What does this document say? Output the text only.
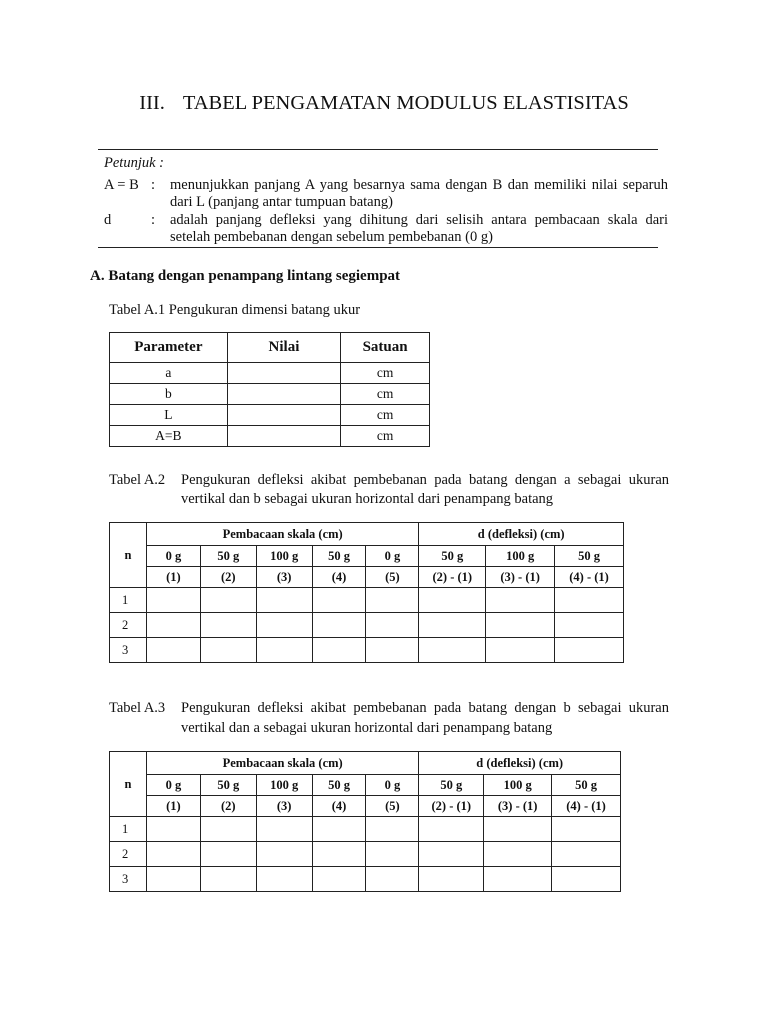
III. TABEL PENGAMATAN MODULUS ELASTISITAS
Petunjuk :
A = B : menunjukkan panjang A yang besarnya sama dengan B dan memiliki nilai separuh
dari L (panjang antar tumpuan batang)
d	: adalah panjang defleksi yang dihitung dari selisih antara pembacaan skala dari
setelah pembebanan dengan sebelum pembebanan (0 g)
A. Batang dengan penampang lintang segiempat
Tabel A.1 Pengukuran dimensi batang ukur
Parameter	Nilai	Satuan
a		cm
b		cm
L		cm
A=B		cm
Tabel A.2 Pengukuran defleksi akibat pembebanan pada batang dengan a sebagai ukuran
vertikal dan b sebagai ukuran horizontal dari penampang batang
n	Pembacaan skala (cm)					d (defleksi) (cm)		
	0 g	50 g	100 g	50 g	0 g	50 g	100 g	50 g
	(1)	(2)	(3)	(4)	(5)	(2) - (1)	(3) - (1)	(4) - (1)
1								
2								
3								
Tabel A.3 Pengukuran defleksi akibat pembebanan pada batang dengan b sebagai ukuran
vertikal dan a sebagai ukuran horizontal dari penampang batang
n	Pembacaan skala (cm)					d (defleksi) (cm)		
	0 g	50 g	100 g	50 g	0 g	50 g	100 g	50 g
	(1)	(2)	(3)	(4)	(5)	(2) - (1)	(3) - (1)	(4) - (1)
1								
2								
3								
